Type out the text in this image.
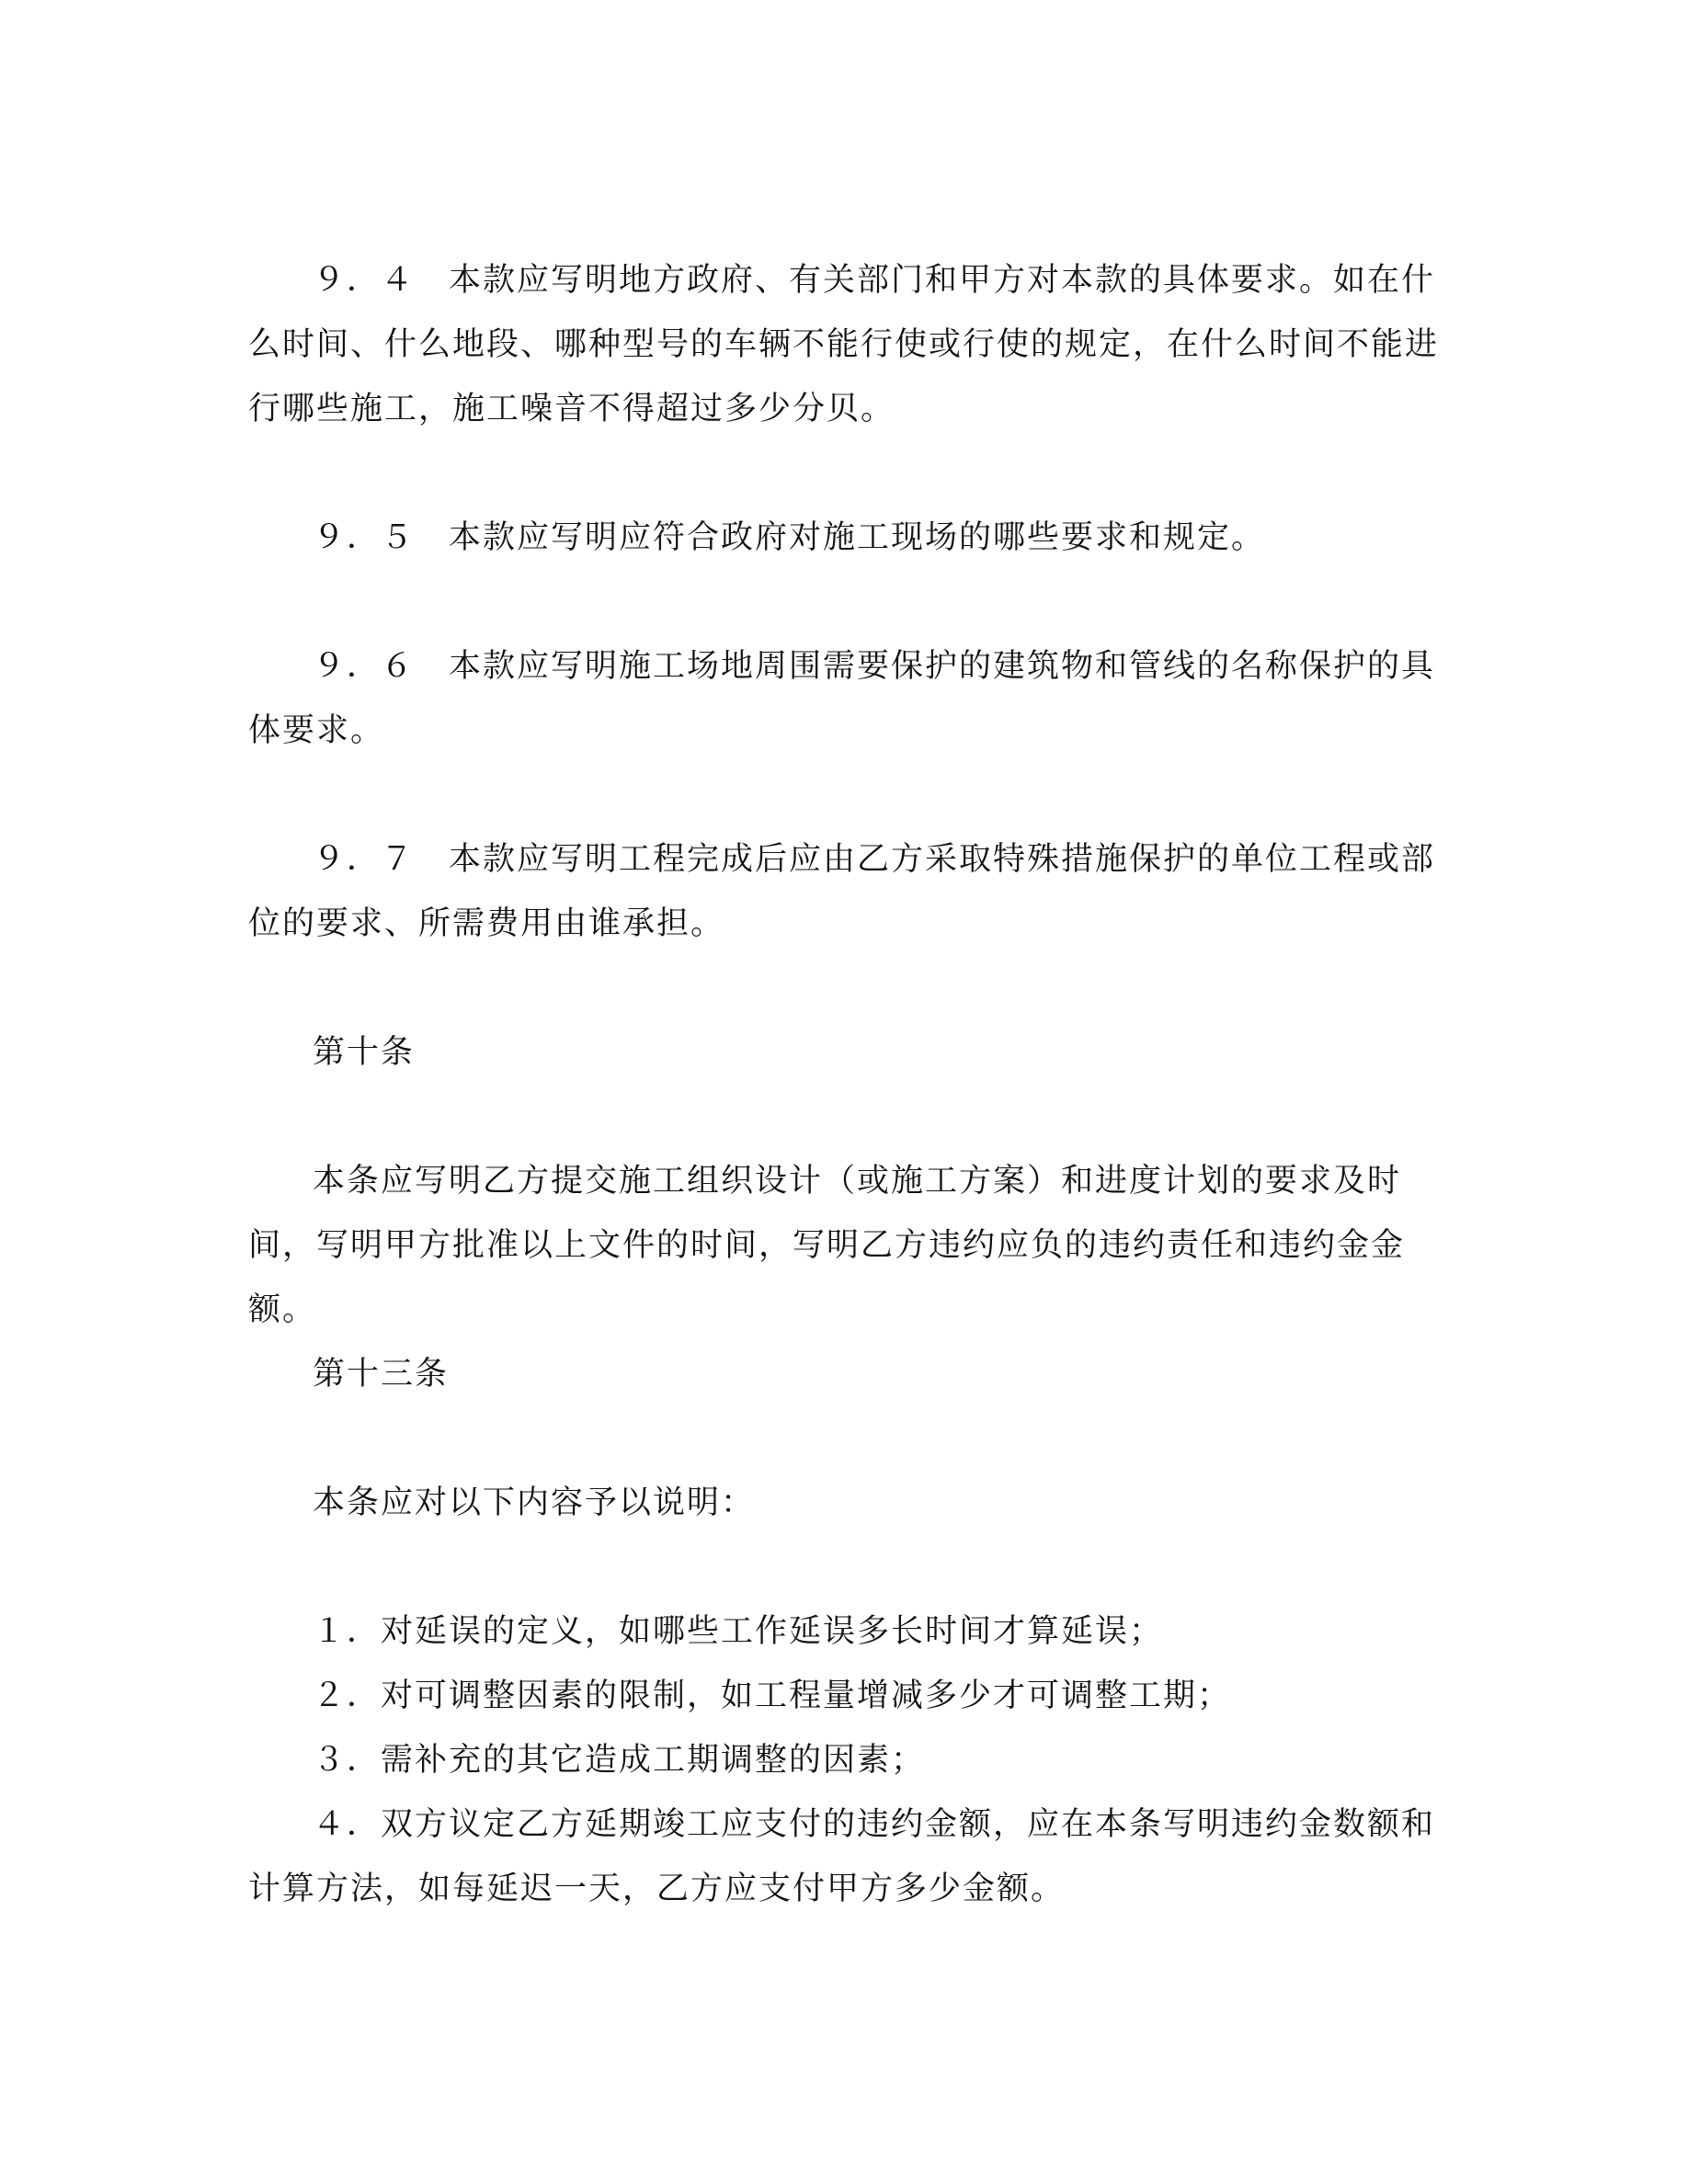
９．４　本款应写明地方政府、有关部门和甲方对本款的具体要求。如在什么时间、什么地段、哪种型号的车辆不能行使或行使的规定，在什么时间不能进行哪些施工，施工噪音不得超过多少分贝。

９．５　本款应写明应符合政府对施工现场的哪些要求和规定。

９．６　本款应写明施工场地周围需要保护的建筑物和管线的名称保护的具体要求。

９．７　本款应写明工程完成后应由乙方采取特殊措施保护的单位工程或部位的要求、所需费用由谁承担。

第十条

本条应写明乙方提交施工组织设计（或施工方案）和进度计划的要求及时间，写明甲方批准以上文件的时间，写明乙方违约应负的违约责任和违约金金额。

第十三条

本条应对以下内容予以说明：

１．对延误的定义，如哪些工作延误多长时间才算延误；

２．对可调整因素的限制，如工程量增减多少才可调整工期；

３．需补充的其它造成工期调整的因素；

４．双方议定乙方延期竣工应支付的违约金额，应在本条写明违约金数额和计算方法，如每延迟一天，乙方应支付甲方多少金额。
